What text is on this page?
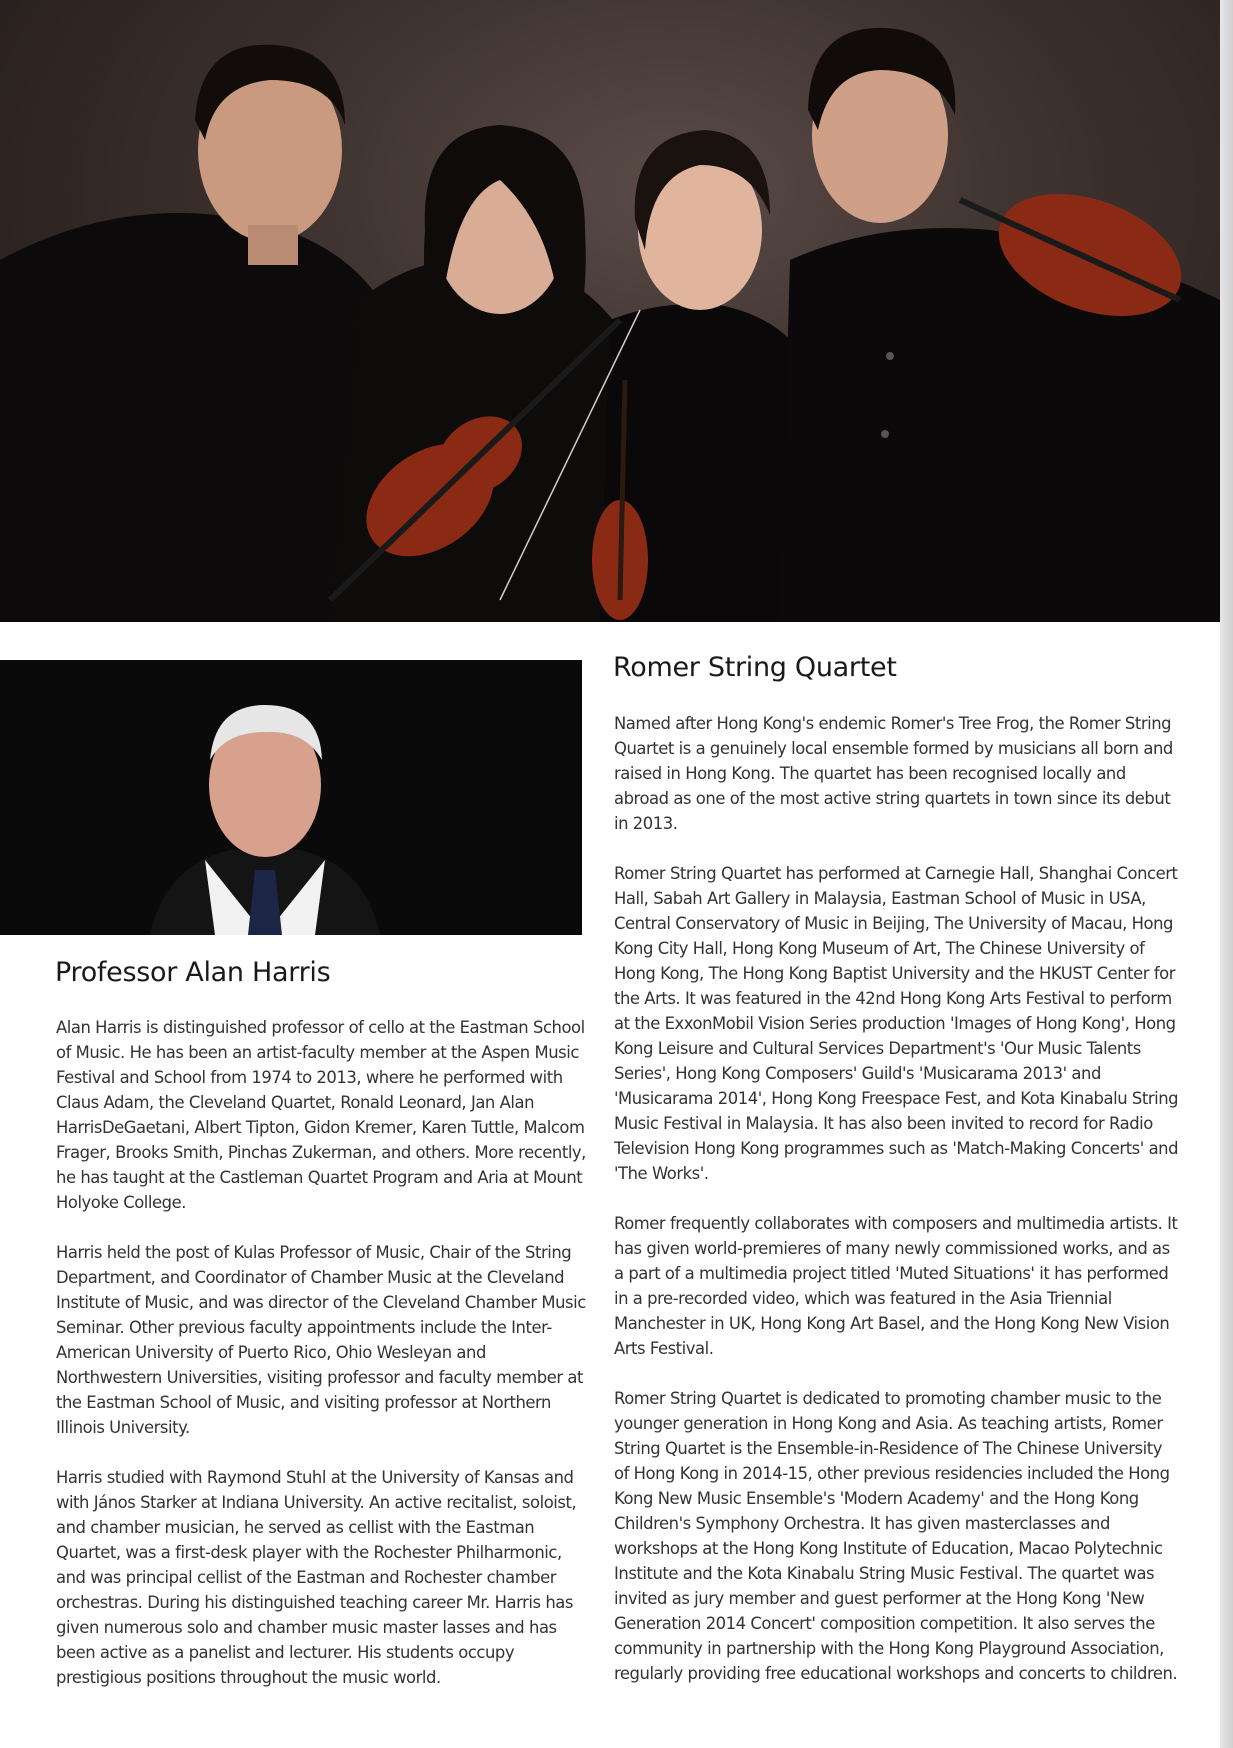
Romer String Quartet
Professor Alan Harris

Alan Harris is distinguished professor of cello at the Eastman School of Music. He has been an artist-faculty member at the Aspen Music Festival and School from 1974 to 2013, where he performed with Claus Adam, the Cleveland Quartet, Ronald Leonard, Jan Alan HarrisDeGaetani, Albert Tipton, Gidon Kremer, Karen Tuttle, Malcom Frager, Brooks Smith, Pinchas Zukerman, and others. More recently, he has taught at the Castleman Quartet Program and Aria at Mount Holyoke College.

Harris held the post of Kulas Professor of Music, Chair of the String Department, and Coordinator of Chamber Music at the Cleveland Institute of Music, and was director of the Cleveland Chamber Music Seminar. Other previous faculty appointments include the Inter-American University of Puerto Rico, Ohio Wesleyan and Northwestern Universities, visiting professor and faculty member at the Eastman School of Music, and visiting professor at Northern Illinois University.

Harris studied with Raymond Stuhl at the University of Kansas and with János Starker at Indiana University. An active recitalist, soloist, and chamber musician, he served as cellist with the Eastman Quartet, was a first-desk player with the Rochester Philharmonic, and was principal cellist of the Eastman and Rochester chamber orchestras. During his distinguished teaching career Mr. Harris has given numerous solo and chamber music master lasses and has been active as a panelist and lecturer. His students occupy prestigious positions throughout the music world.

Named after Hong Kong's endemic Romer's Tree Frog, the Romer String Quartet is a genuinely local ensemble formed by musicians all born and raised in Hong Kong. The quartet has been recognised locally and abroad as one of the most active string quartets in town since its debut in 2013.

Romer String Quartet has performed at Carnegie Hall, Shanghai Concert Hall, Sabah Art Gallery in Malaysia, Eastman School of Music in USA, Central Conservatory of Music in Beijing, The University of Macau, Hong Kong City Hall, Hong Kong Museum of Art, The Chinese University of Hong Kong, The Hong Kong Baptist University and the HKUST Center for the Arts. It was featured in the 42nd Hong Kong Arts Festival to perform at the ExxonMobil Vision Series production 'Images of Hong Kong', Hong Kong Leisure and Cultural Services Department's 'Our Music Talents Series', Hong Kong Composers' Guild's 'Musicarama 2013' and 'Musicarama 2014', Hong Kong Freespace Fest, and Kota Kinabalu String Music Festival in Malaysia. It has also been invited to record for Radio Television Hong Kong programmes such as 'Match-Making Concerts' and 'The Works'.

Romer frequently collaborates with composers and multimedia artists. It has given world-premieres of many newly commissioned works, and as a part of a multimedia project titled 'Muted Situations' it has performed in a pre-recorded video, which was featured in the Asia Triennial Manchester in UK, Hong Kong Art Basel, and the Hong Kong New Vision Arts Festival.

Romer String Quartet is dedicated to promoting chamber music to the younger generation in Hong Kong and Asia. As teaching artists, Romer String Quartet is the Ensemble-in-Residence of The Chinese University of Hong Kong in 2014-15, other previous residencies included the Hong Kong New Music Ensemble's 'Modern Academy' and the Hong Kong Children's Symphony Orchestra. It has given masterclasses and workshops at the Hong Kong Institute of Education, Macao Polytechnic Institute and the Kota Kinabalu String Music Festival. The quartet was invited as jury member and guest performer at the Hong Kong 'New Generation 2014 Concert' composition competition. It also serves the community in partnership with the Hong Kong Playground Association, regularly providing free educational workshops and concerts to children.
